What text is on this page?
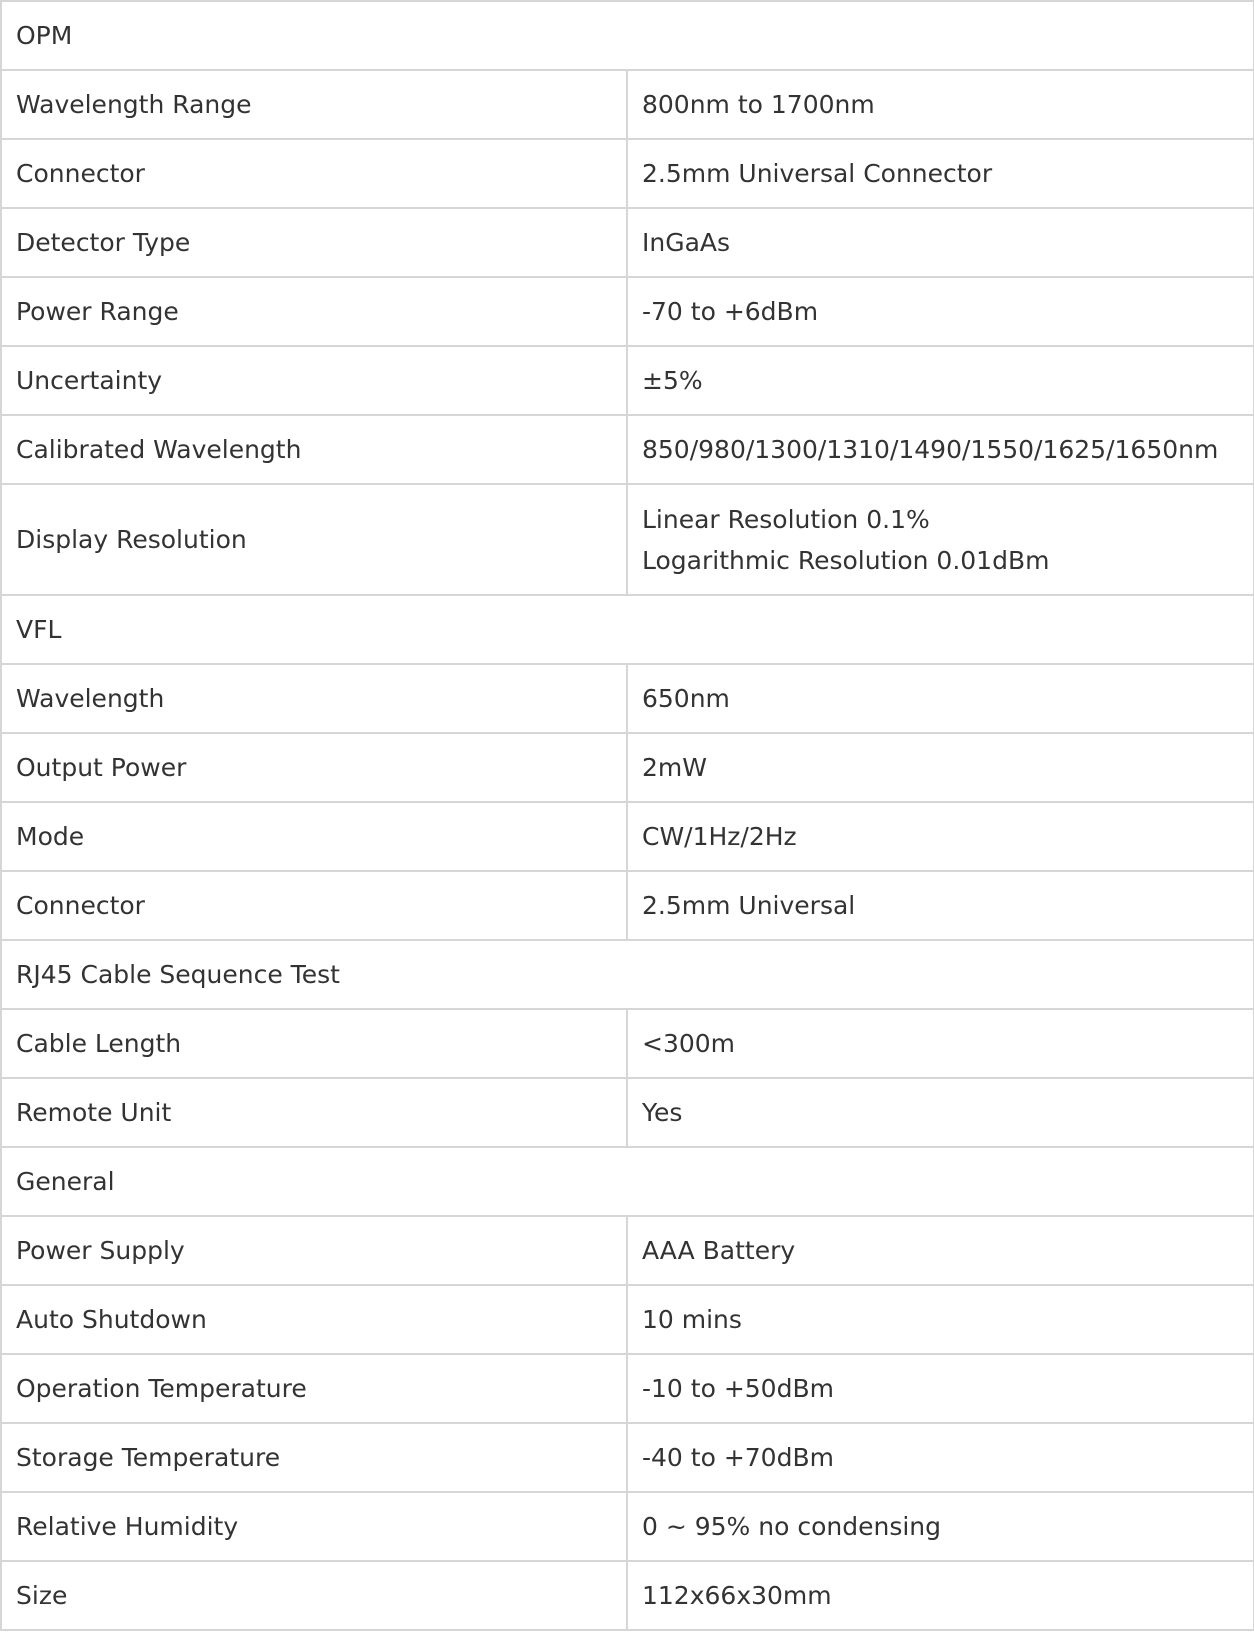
OPM	
Wavelength Range	800nm to 1700nm

Connector	2.5mm Universal Connector

Detector Type	InGaAs

Power Range	-70 to +6dBm

Uncertainty	±5%

Calibrated Wavelength	850/980/1300/1310/1490/1550/1625/1650nm

Display Resolution	Linear Resolution 0.1%
Logarithmic Resolution 0.01dBm

VFL	
Wavelength	650nm

Output Power	2mW

Mode	CW/1Hz/2Hz

Connector	2.5mm Universal

RJ45 Cable Sequence Test	
Cable Length	<300m

Remote Unit	Yes

General	
Power Supply	AAA Battery

Auto Shutdown	10 mins

Operation Temperature	-10 to +50dBm

Storage Temperature	-40 to +70dBm

Relative Humidity	0 ~ 95% no condensing

Size	112x66x30mm
